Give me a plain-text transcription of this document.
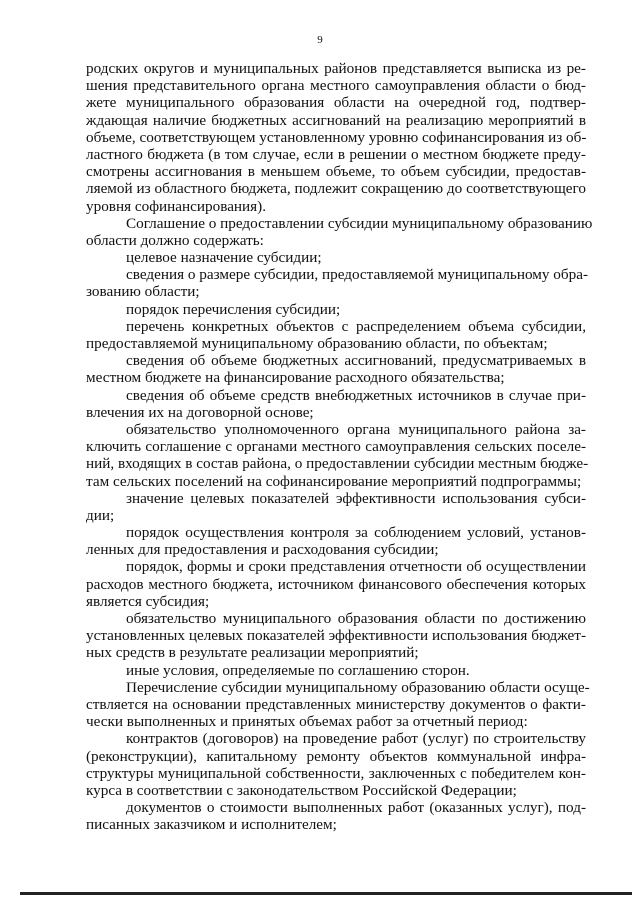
9
родских округов и муниципальных районов представляется выписка из ре-
шения представительного органа местного самоуправления области о бюд-
жете муниципального образования области на очередной год, подтвер-
ждающая наличие бюджетных ассигнований на реализацию мероприятий в
объеме, соответствующем установленному уровню софинансирования из об-
ластного бюджета (в том случае, если в решении о местном бюджете преду-
смотрены ассигнования в меньшем объеме, то объем субсидии, предостав-
ляемой из областного бюджета, подлежит сокращению до соответствующего
уровня софинансирования).
Соглашение о предоставлении субсидии муниципальному образованию
области должно содержать:
целевое назначение субсидии;
сведения о размере субсидии, предоставляемой муниципальному обра-
зованию области;
порядок перечисления субсидии;
перечень конкретных объектов с распределением объема субсидии,
предоставляемой муниципальному образованию области, по объектам;
сведения об объеме бюджетных ассигнований, предусматриваемых в
местном бюджете на финансирование расходного обязательства;
сведения об объеме средств внебюджетных источников в случае при-
влечения их на договорной основе;
обязательство уполномоченного органа муниципального района за-
ключить соглашение с органами местного самоуправления сельских поселе-
ний, входящих в состав района, о предоставлении субсидии местным бюдже-
там сельских поселений на софинансирование мероприятий подпрограммы;
значение целевых показателей эффективности использования субси-
дии;
порядок осуществления контроля за соблюдением условий, установ-
ленных для предоставления и расходования субсидии;
порядок, формы и сроки представления отчетности об осуществлении
расходов местного бюджета, источником финансового обеспечения которых
является субсидия;
обязательство муниципального образования области по достижению
установленных целевых показателей эффективности использования бюджет-
ных средств в результате реализации мероприятий;
иные условия, определяемые по соглашению сторон.
Перечисление субсидии муниципальному образованию области осуще-
ствляется на основании представленных министерству документов о факти-
чески выполненных и принятых объемах работ за отчетный период:
контрактов (договоров) на проведение работ (услуг) по строительству
(реконструкции), капитальному ремонту объектов коммунальной инфра-
структуры муниципальной собственности, заключенных с победителем кон-
курса в соответствии с законодательством Российской Федерации;
документов о стоимости выполненных работ (оказанных услуг), под-
писанных заказчиком и исполнителем;
